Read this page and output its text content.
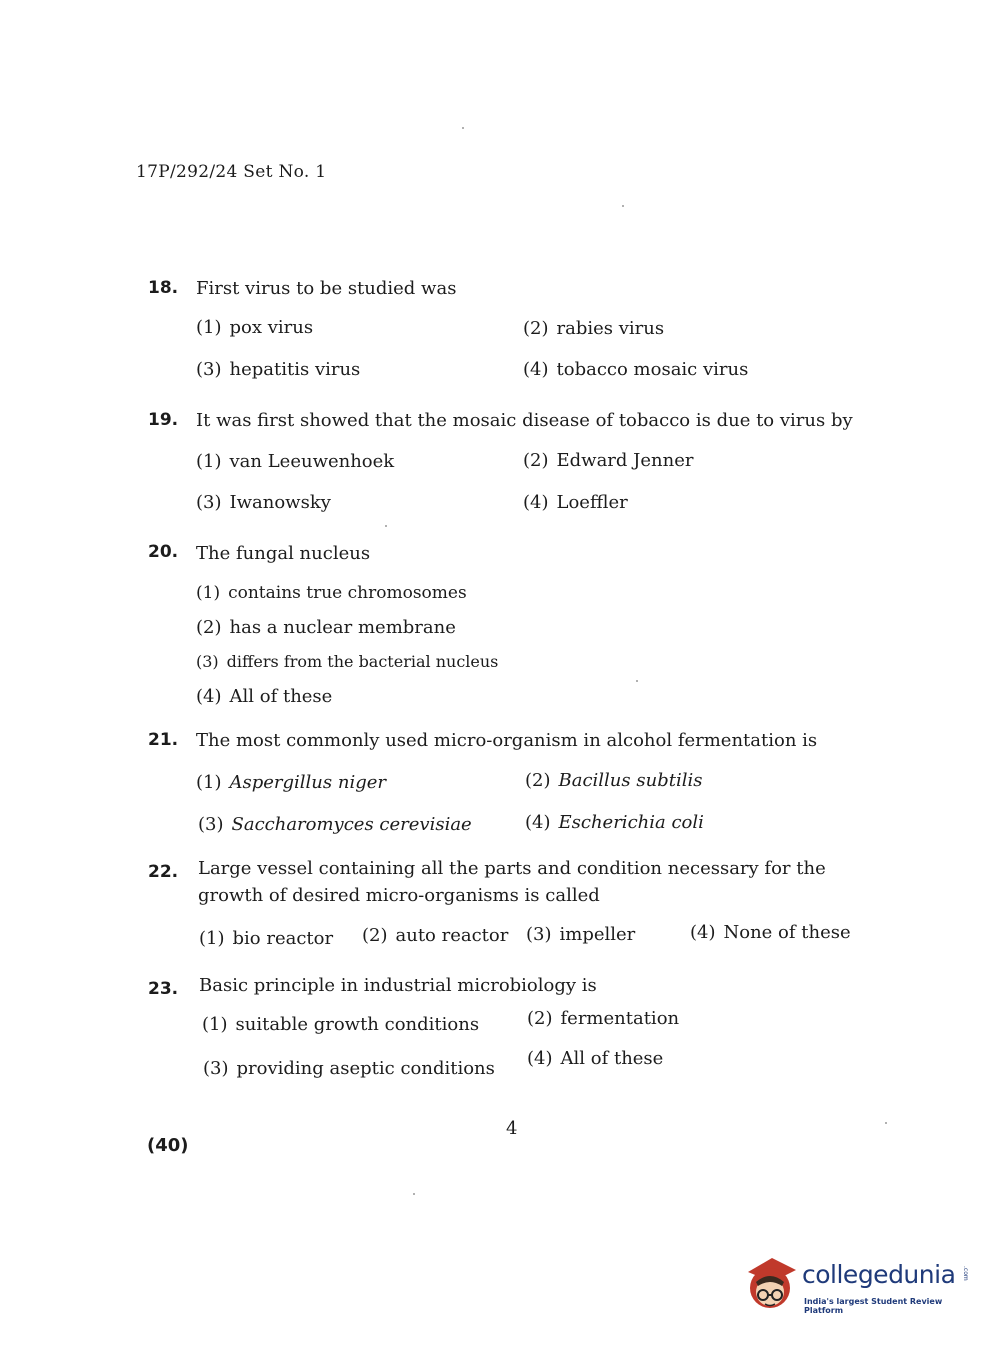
17P/292/24 Set No. 1
18. First virus to be studied was
(1) pox virus	(2) rabies virus
(3) hepatitis virus	(4) tobacco mosaic virus
19. It was first showed that the mosaic disease of tobacco is due to virus by
(1) van Leeuwenhoek	(2) Edward Jenner
(3) Iwanowsky	(4) Loeffler
20. The fungal nucleus
(1) contains true chromosomes
(2) has a nuclear membrane
(3) differs from the bacterial nucleus
(4) All of these
21. The most commonly used micro-organism in alcohol fermentation is
(1) Aspergillus niger	(2) Bacillus subtilis
(3) Saccharomyces cerevisiae	(4) Escherichia coli
22. Large vessel containing all the parts and condition necessary for the growth of desired micro-organisms is called
(1) bio reactor (2) auto reactor (3) impeller	(4) None of these
23. Basic principle in industrial microbiology is
(1) suitable growth conditions	(2) fermentation
(3) providing aseptic conditions (4) All of these
4
(40)
collegedunia .com
India's largest Student Review Platform
